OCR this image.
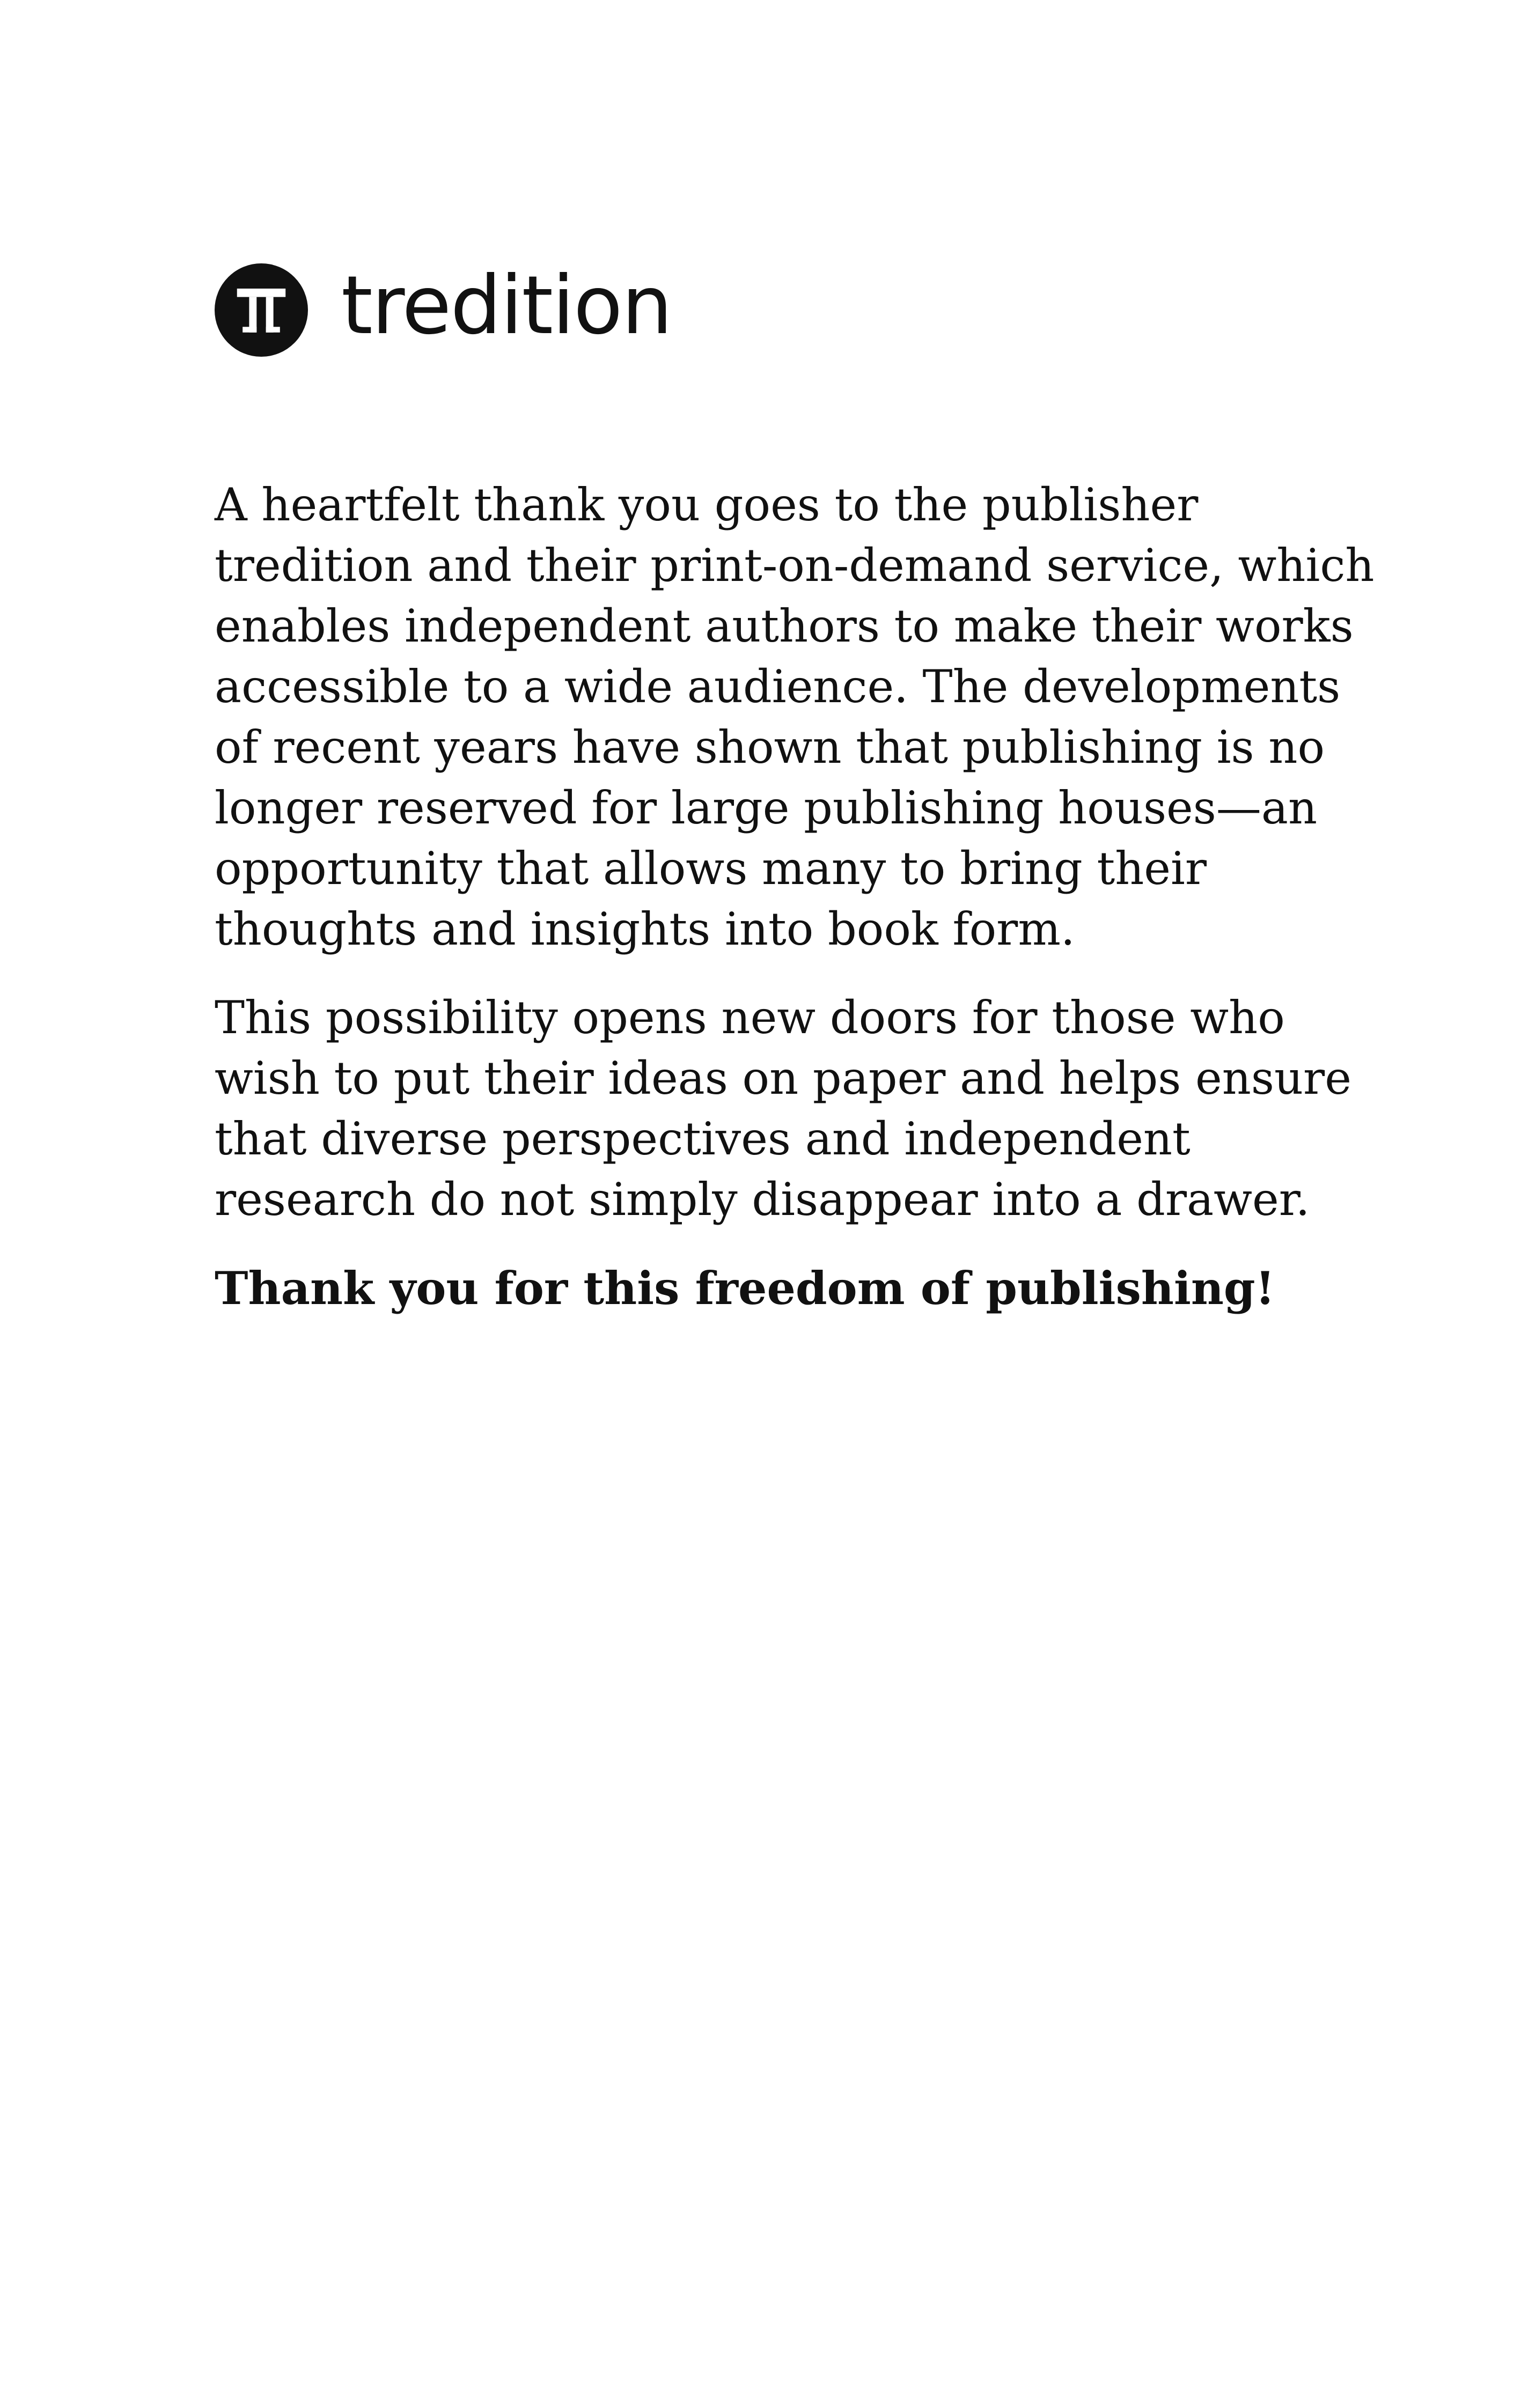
tredition

A heartfelt thank you goes to the publisher
tredition and their print-on-demand service, which
enables independent authors to make their works
accessible to a wide audience. The developments
of recent years have shown that publishing is no
longer reserved for large publishing houses—an
opportunity that allows many to bring their
thoughts and insights into book form.

This possibility opens new doors for those who
wish to put their ideas on paper and helps ensure
that diverse perspectives and independent
research do not simply disappear into a drawer.

Thank you for this freedom of publishing!
